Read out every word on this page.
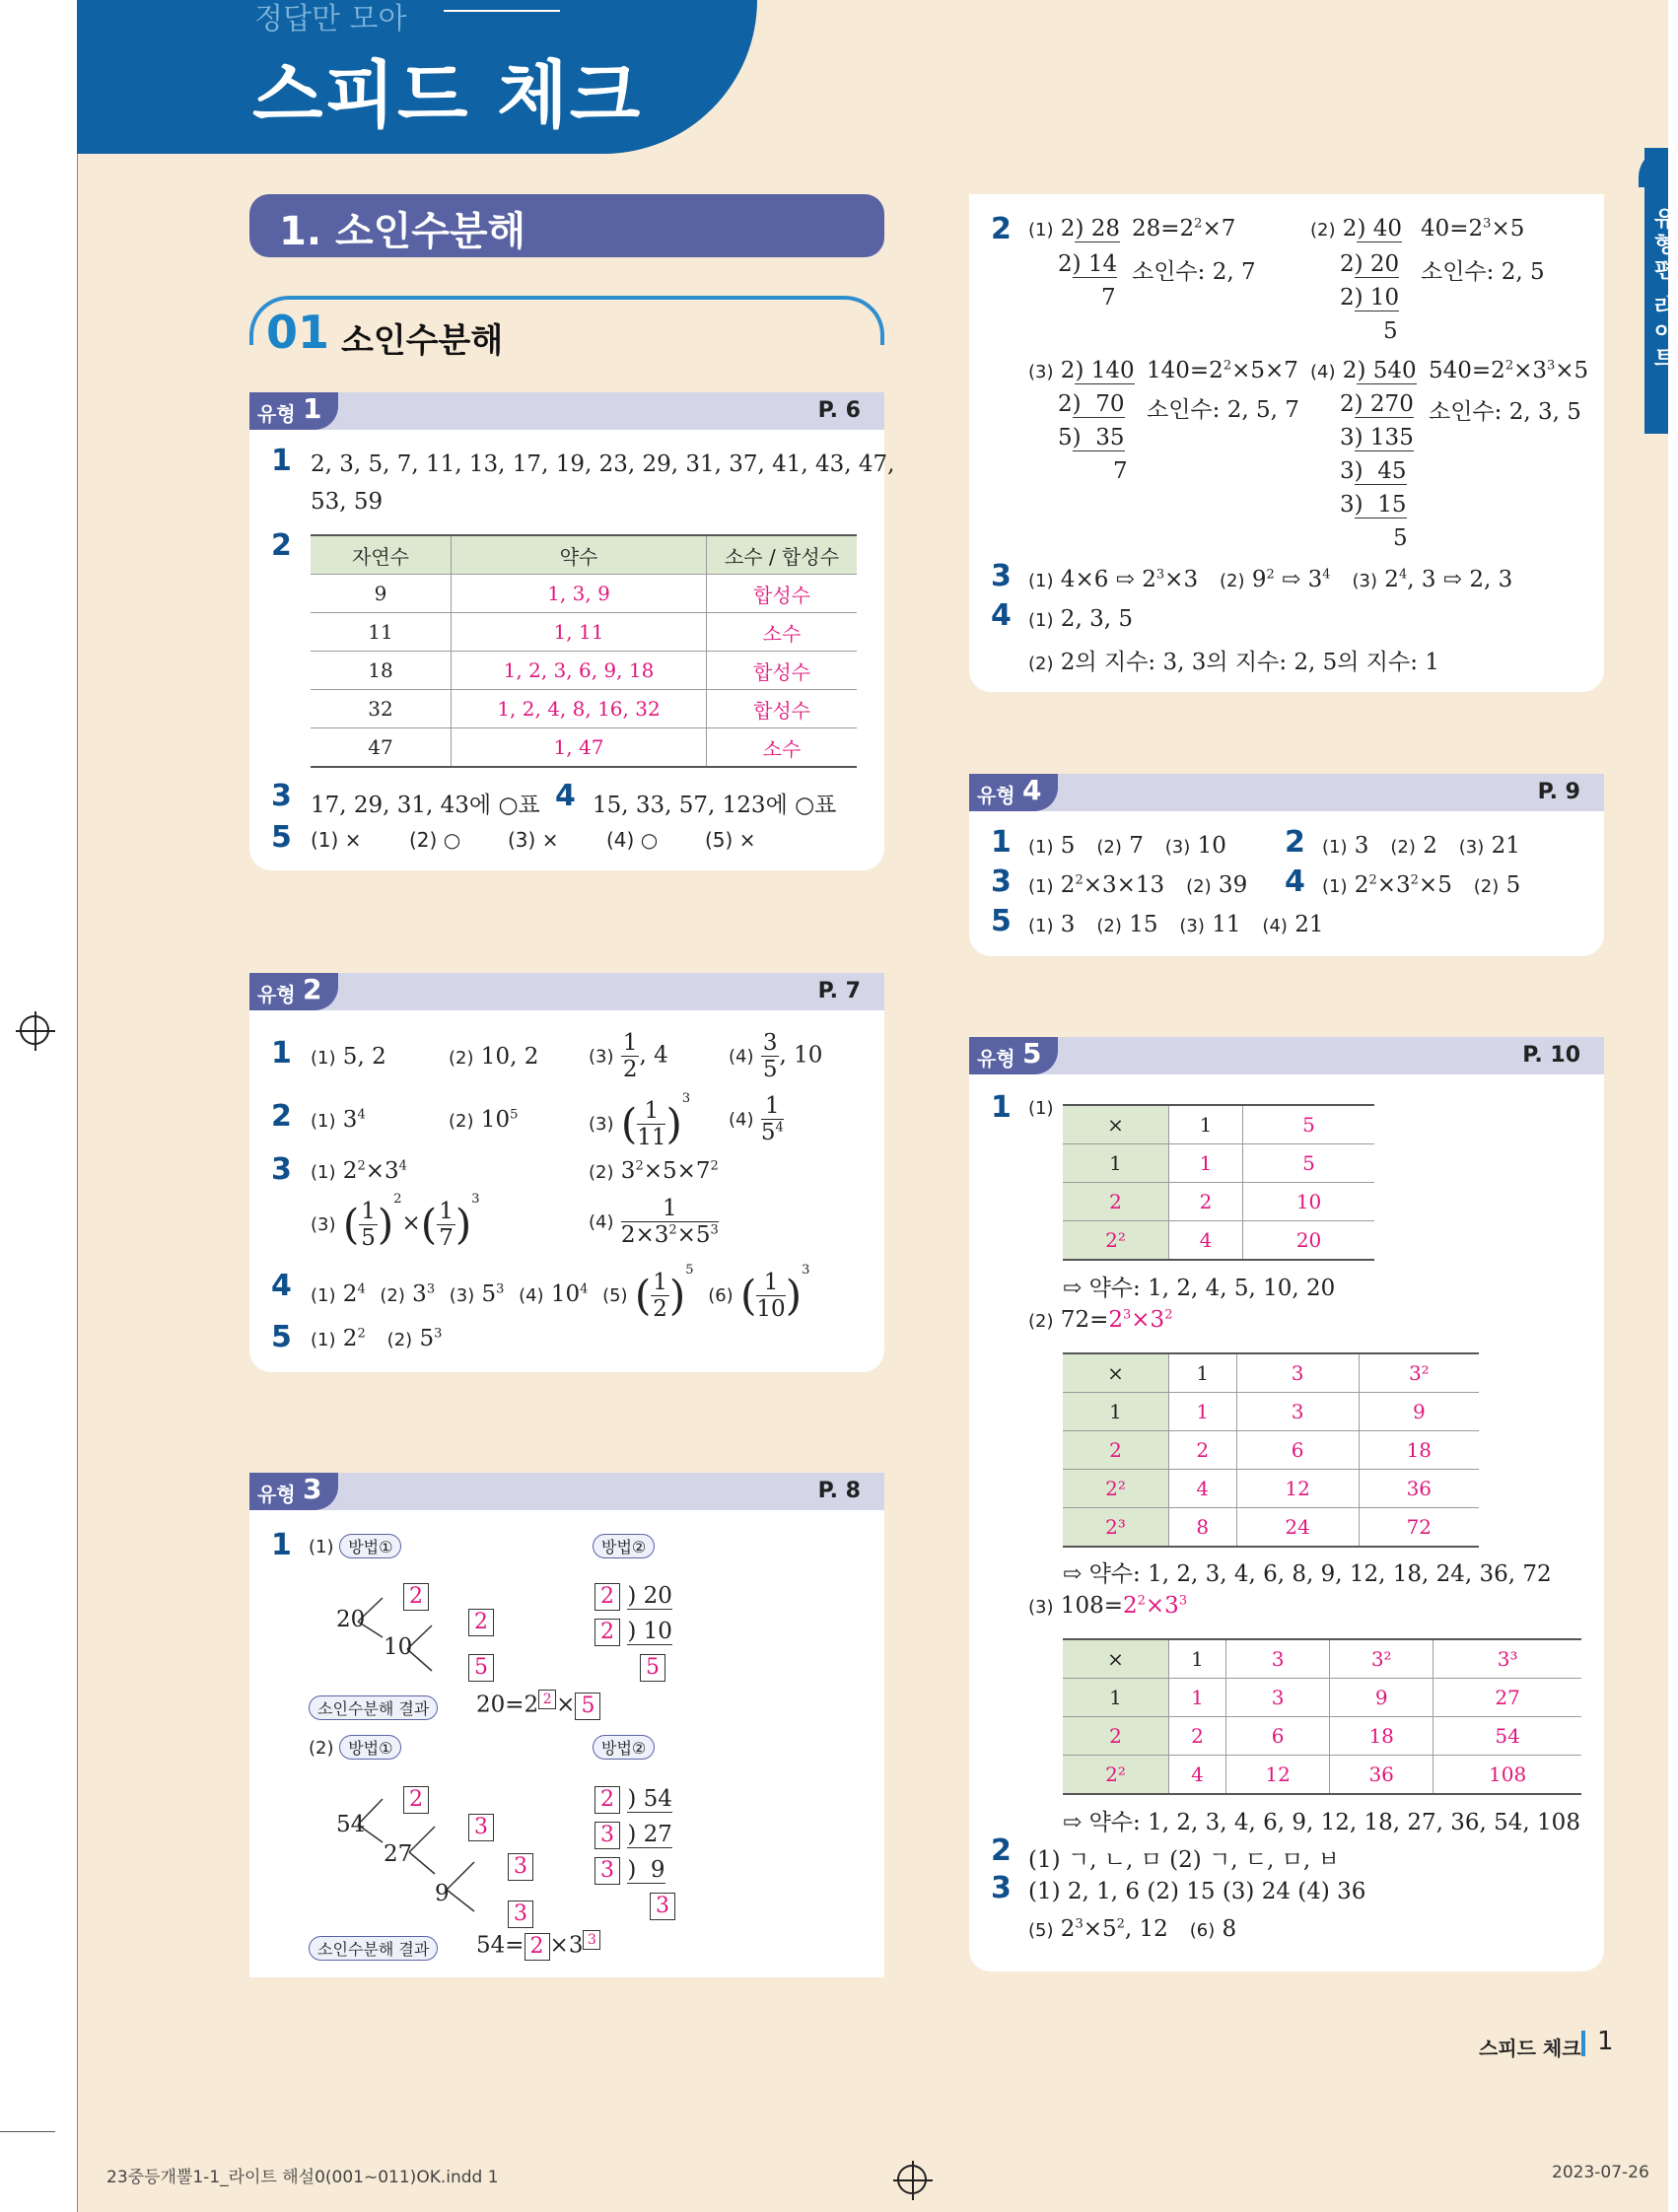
정답만 모아
스피드 체크
유형편 라이트
1. 소인수분해
01 소인수분해
유형 1	P. 6
1 2, 3, 5, 7, 11, 13, 17, 19, 23, 29, 31, 37, 41, 43, 47,
53, 59
2	자연수	약수	소수 / 합성수
9	1, 3, 9	합성수
11	1, 11	소수
18	1, 2, 3, 6, 9, 18	합성수
32	1, 2, 4, 8, 16, 32	합성수
47	1, 47	소수
3 17, 29, 31, 43에 ○표 4 15, 33, 57, 123에 ○표
5 (1) × (2) ○ (3) × (4) ○ (5) ×
유형 2	P. 7
1 (1) 5, 2	(2) 10, 2	$(3) \frac{1}{2}$ , 4	$(4) \frac{3}{5}$ , 10
2 (1) $3^4$	(2) $10^5$	(3) ( $\frac{1}{11} )^3$
$(4) \frac{1}{5^4}$
3 (1) $2^2\times 3^4$	(2) $3^2\times 5\times 7^2$
(3) ( $\frac{1}{5} )^2\times( \frac{1}{7} )^3$
$(4) \frac{1}{2\times 3^2\times 5^3}$
4 (1) $2^4$ (2) $3^3$ (3) $5^3$ (4) $10^4$ (5) ( $\frac{1}{2} )^5$  (6) ( $\frac{1}{10} )^3$
5 (1) $2^2$ (2) $5^3$
유형 3	P. 8
1 (1) 방법①	방법②
20
2
10
2
5
2 ) 20
2 ) 10
5
소인수분해 결과	20=2 $^2$ × 5
(2) 방법①	방법②
54
2
27
3
9
3
3
2 ) 54
3 ) 27
3 )  9
3
소인수분해 결과	54= 2 ×3 $^3$
2 (1) 2) 28 $28=2^2\times 7$
2) 14 소인수: 2, 7
7
(2) 2) 40 $40=2^3\times 5$
2) 20 소인수: 2, 5
2) 10
5
(3) 2) 140 $140=2^2\times 5\times 7$
2)  70 소인수: 2, 5, 7
5)  35
7
(4) 2) 540 $540=2^2\times 3^3\times 5$
2) 270 소인수: 2, 3, 5
3) 135
3)  45
3)  15
5
3 (1) 4×6 ⇨ $2^3\times 3$   (2) $9^2$ ⇨ $3^4$ (3) $2^4$, 3 ⇨ 2, 3
4 (1) 2, 3, 5
(2) 2의 지수: 3, 3의 지수: 2, 5의 지수: 1
유형 4	P. 9
1 (1) 5   (2) 7   (3) 10 2 (1) 3   (2) 2   (3) 21
3 (1) $2^2\times 3\times 13$   (2) 39 4 (1) $2^2\times 3^2\times 5$   (2) 5
5 (1) 3   (2) 15   (3) 11   (4) 21
유형 5	P. 10
1 (1)
×	1	5
1	1	5
2	2	10
2²	4	20
⇨ 약수: 1, 2, 4, 5, 10, 20
(2) $72=2^3\times 3^2$
×	1	3	3²
1	1	3	9
2	2	6	18
2²	4	12	36
2³	8	24	72
⇨ 약수: 1, 2, 3, 4, 6, 8, 9, 12, 18, 24, 36, 72
(3) $108=2^2\times 3^3$
×	1	3	3²	3³
1	1	3	9	27
2	2	6	18	54
2²	4	12	36	108
⇨ 약수: 1, 2, 3, 4, 6, 9, 12, 18, 27, 36, 54, 108
2 (1) ㄱ, ㄴ, ㅁ (2) ㄱ, ㄷ, ㅁ, ㅂ
3 (1) 2, 1, 6 (2) 15 (3) 24 (4) 36
(5) $2^3\times 5^2$, 12   (6) 8
스피드 체크 1
23중등개뿔1-1_라이트 해설0(001~011)OK.indd 1	2023-07-26
